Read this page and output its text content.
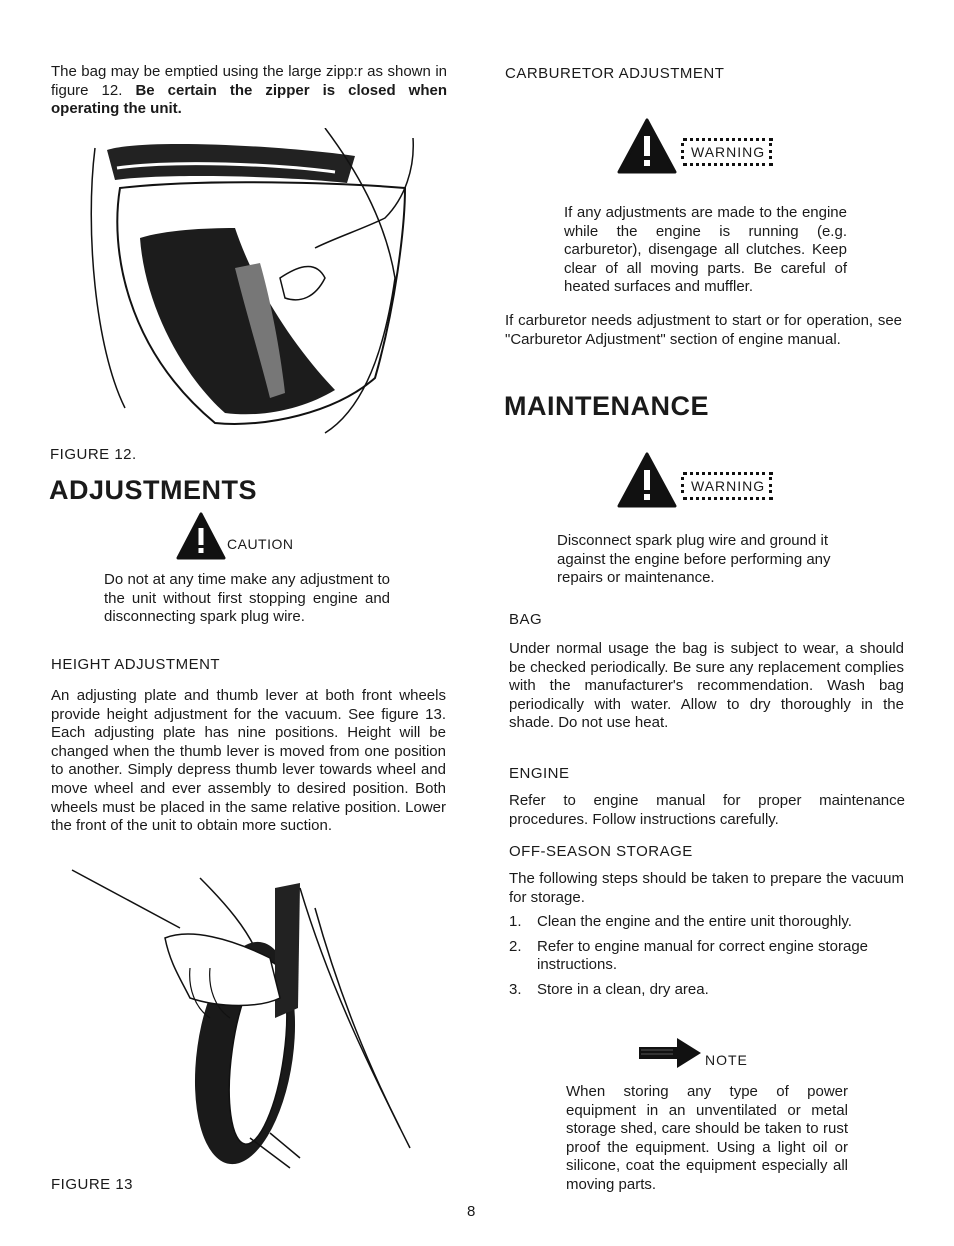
The bag may be emptied using the large zipp:r as shown in figure 12. Be certain the zipper is closed when operating the unit.
FIGURE 12.
ADJUSTMENTS
CAUTION
Do not at any time make any adjustment to the unit without first stopping engine and disconnecting spark plug wire.
HEIGHT ADJUSTMENT
An adjusting plate and thumb lever at both front wheels provide height adjustment for the vacuum. See figure 13. Each adjusting plate has nine positions. Height will be changed when the thumb lever is moved from one position to another. Simply depress thumb lever towards wheel and move wheel and ever assembly to desired position. Both wheels must be placed in the same relative position. Lower the front of the unit to obtain more suction.
FIGURE 13
CARBURETOR ADJUSTMENT
WARNING
If any adjustments are made to the engine while the engine is running (e.g. carburetor), disengage all clutches. Keep clear of all moving parts. Be careful of heated surfaces and muffler.
If carburetor needs adjustment to start or for operation, see "Carburetor Adjustment" section of engine manual.
MAINTENANCE
WARNING
Disconnect spark plug wire and ground it against the engine before performing any repairs or maintenance.
BAG
Under normal usage the bag is subject to wear, a should be checked periodically. Be sure any replacement complies with the manufacturer's recommendation. Wash bag periodically with water. Allow to dry thoroughly in the shade. Do not use heat.
ENGINE
Refer to engine manual for proper maintenance procedures. Follow instructions carefully.
OFF-SEASON STORAGE
The following steps should be taken to prepare the vacuum for storage.
1. Clean the engine and the entire unit thoroughly.
2. Refer to engine manual for correct engine storage instructions.
3. Store in a clean, dry area.
NOTE
When storing any type of power equipment in an unventilated or metal storage shed, care should be taken to rust proof the equipment. Using a light oil or silicone, coat the equipment especially all moving parts.
8
